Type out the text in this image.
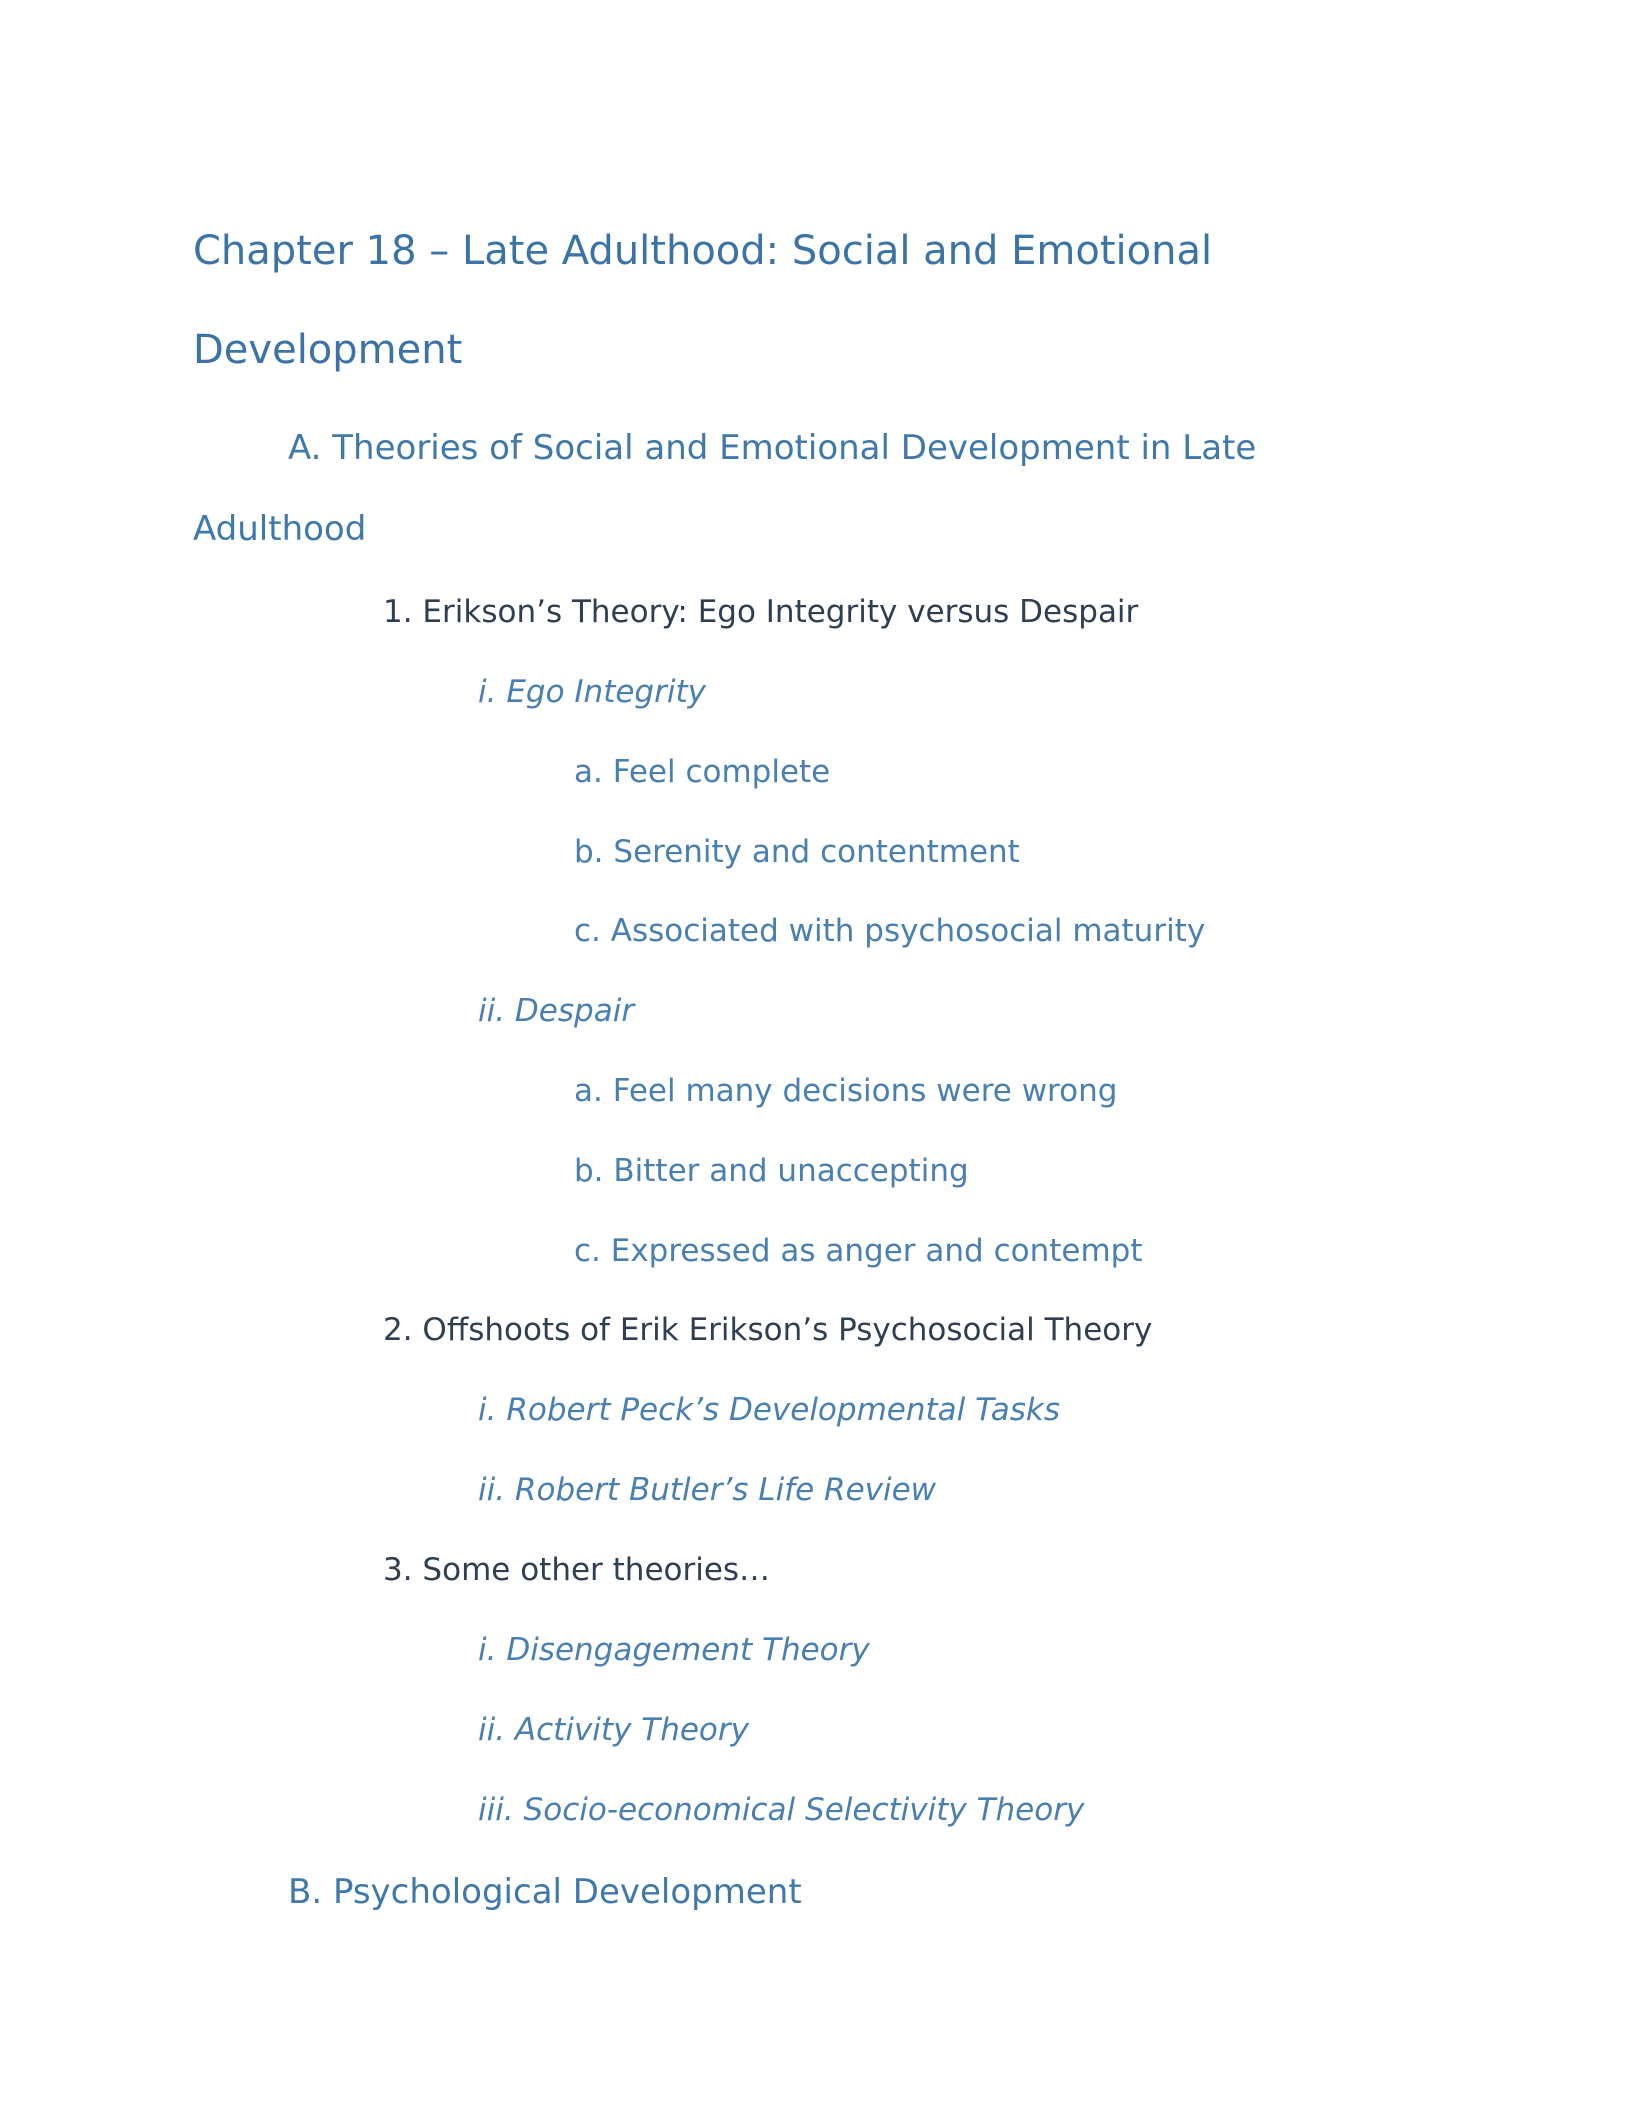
Chapter 18 – Late Adulthood: Social and Emotional
Development
A. Theories of Social and Emotional Development in Late
Adulthood

1. Erikson’s Theory: Ego Integrity versus Despair

i. Ego Integrity

a. Feel complete

b. Serenity and contentment

c. Associated with psychosocial maturity

ii. Despair

a. Feel many decisions were wrong

b. Bitter and unaccepting

c. Expressed as anger and contempt

2. Offshoots of Erik Erikson’s Psychosocial Theory

i. Robert Peck’s Developmental Tasks

ii. Robert Butler’s Life Review

3. Some other theories…

i. Disengagement Theory

ii. Activity Theory

iii. Socio-economical Selectivity Theory

B. Psychological Development
